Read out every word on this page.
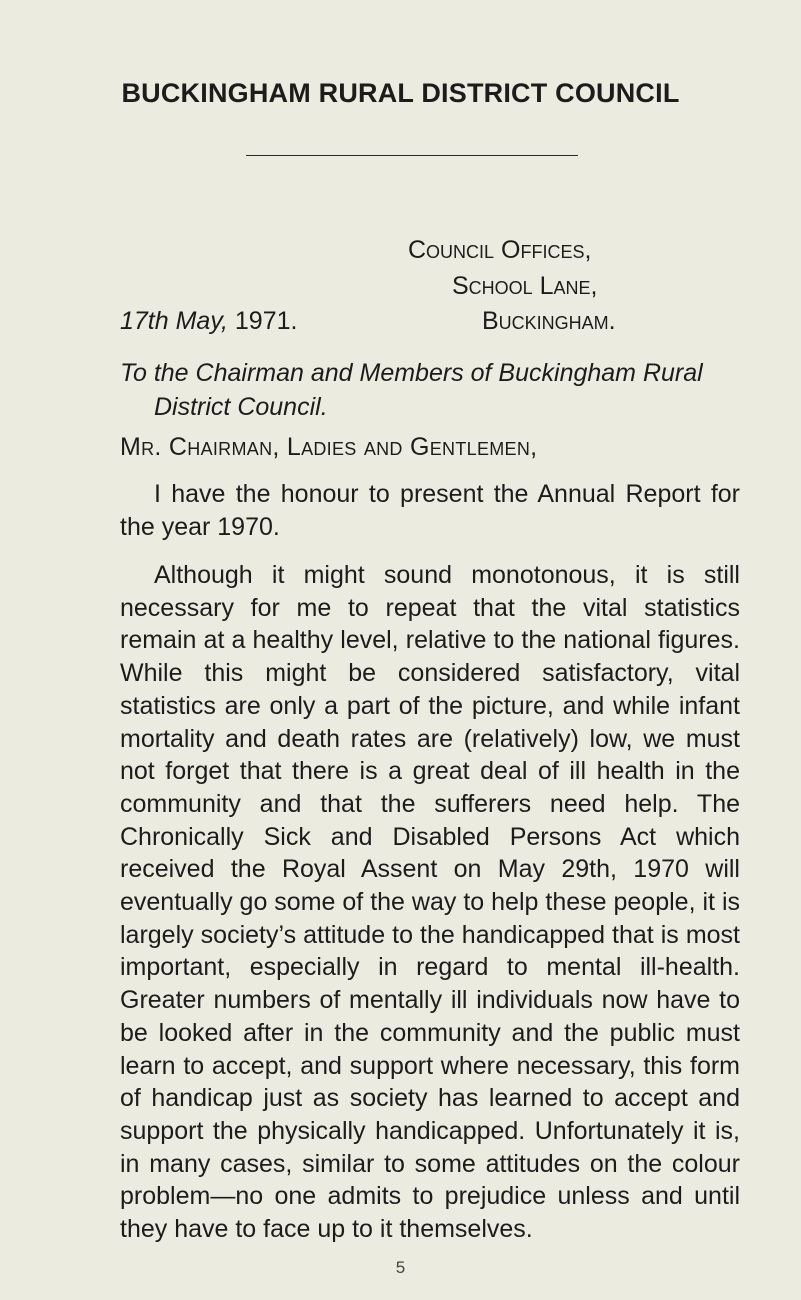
BUCKINGHAM RURAL DISTRICT COUNCIL
Council Offices,
School Lane,
Buckingham.
17th May, 1971.

To the Chairman and Members of Buckingham Rural
District Council.

Mr. Chairman, Ladies and Gentlemen,

I have the honour to present the Annual Report for the year 1970.

Although it might sound monotonous, it is still necessary for me to repeat that the vital statistics remain at a healthy level, relative to the national figures. While this might be considered satisfactory, vital statistics are only a part of the picture, and while infant mortality and death rates are (relatively) low, we must not forget that there is a great deal of ill health in the community and that the sufferers need help. The Chronically Sick and Disabled Persons Act which received the Royal Assent on May 29th, 1970 will eventually go some of the way to help these people, it is largely society’s attitude to the handicapped that is most important, especially in regard to mental ill-health. Greater numbers of mentally ill individuals now have to be looked after in the community and the public must learn to accept, and support where necessary, this form of handicap just as society has learned to accept and support the physically handicapped. Unfortunately it is, in many cases, similar to some attitudes on the colour problem—no one admits to prejudice unless and until they have to face up to it themselves.

5
